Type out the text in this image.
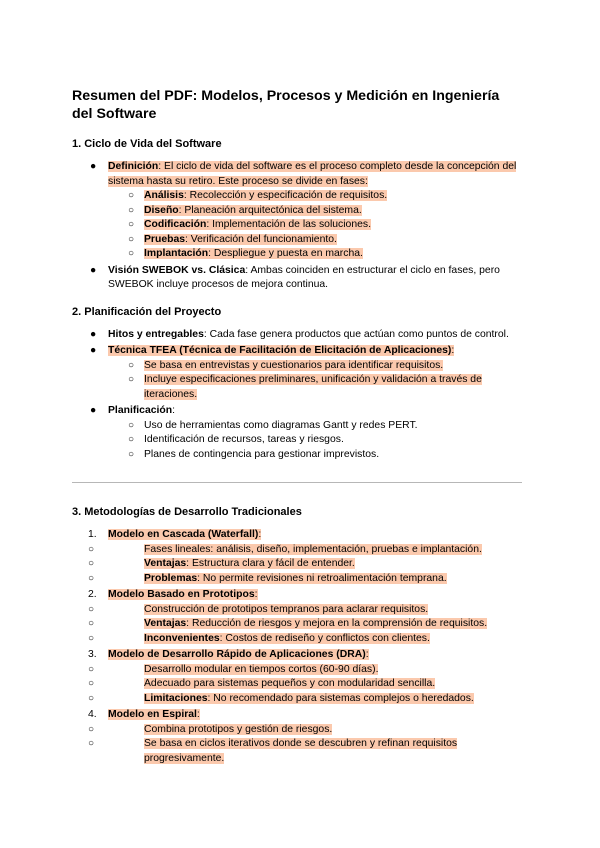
Resumen del PDF: Modelos, Procesos y Medición en Ingeniería del Software
1. Ciclo de Vida del Software
● Definición: El ciclo de vida del software es el proceso completo desde la concepción del sistema hasta su retiro. Este proceso se divide en fases:
○ Análisis: Recolección y especificación de requisitos.
○ Diseño: Planeación arquitectónica del sistema.
○ Codificación: Implementación de las soluciones.
○ Pruebas: Verificación del funcionamiento.
○ Implantación: Despliegue y puesta en marcha.
● Visión SWEBOK vs. Clásica: Ambas coinciden en estructurar el ciclo en fases, pero SWEBOK incluye procesos de mejora continua.
2. Planificación del Proyecto
● Hitos y entregables: Cada fase genera productos que actúan como puntos de control.
● Técnica TFEA (Técnica de Facilitación de Elicitación de Aplicaciones):
○ Se basa en entrevistas y cuestionarios para identificar requisitos.
○ Incluye especificaciones preliminares, unificación y validación a través de iteraciones.
● Planificación:
○ Uso de herramientas como diagramas Gantt y redes PERT.
○ Identificación de recursos, tareas y riesgos.
○ Planes de contingencia para gestionar imprevistos.
3. Metodologías de Desarrollo Tradicionales
1. Modelo en Cascada (Waterfall):
○	Fases lineales: análisis, diseño, implementación, pruebas e implantación.
○	Ventajas: Estructura clara y fácil de entender.
○	Problemas: No permite revisiones ni retroalimentación temprana.
2. Modelo Basado en Prototipos:
○	Construcción de prototipos tempranos para aclarar requisitos.
○	Ventajas: Reducción de riesgos y mejora en la comprensión de requisitos.
○	Inconvenientes: Costos de rediseño y conflictos con clientes.
3. Modelo de Desarrollo Rápido de Aplicaciones (DRA):
○	Desarrollo modular en tiempos cortos (60-90 días).
○	Adecuado para sistemas pequeños y con modularidad sencilla.
○	Limitaciones: No recomendado para sistemas complejos o heredados.
4. Modelo en Espiral:
○	Combina prototipos y gestión de riesgos.
○	Se basa en ciclos iterativos donde se descubren y refinan requisitos progresivamente.
